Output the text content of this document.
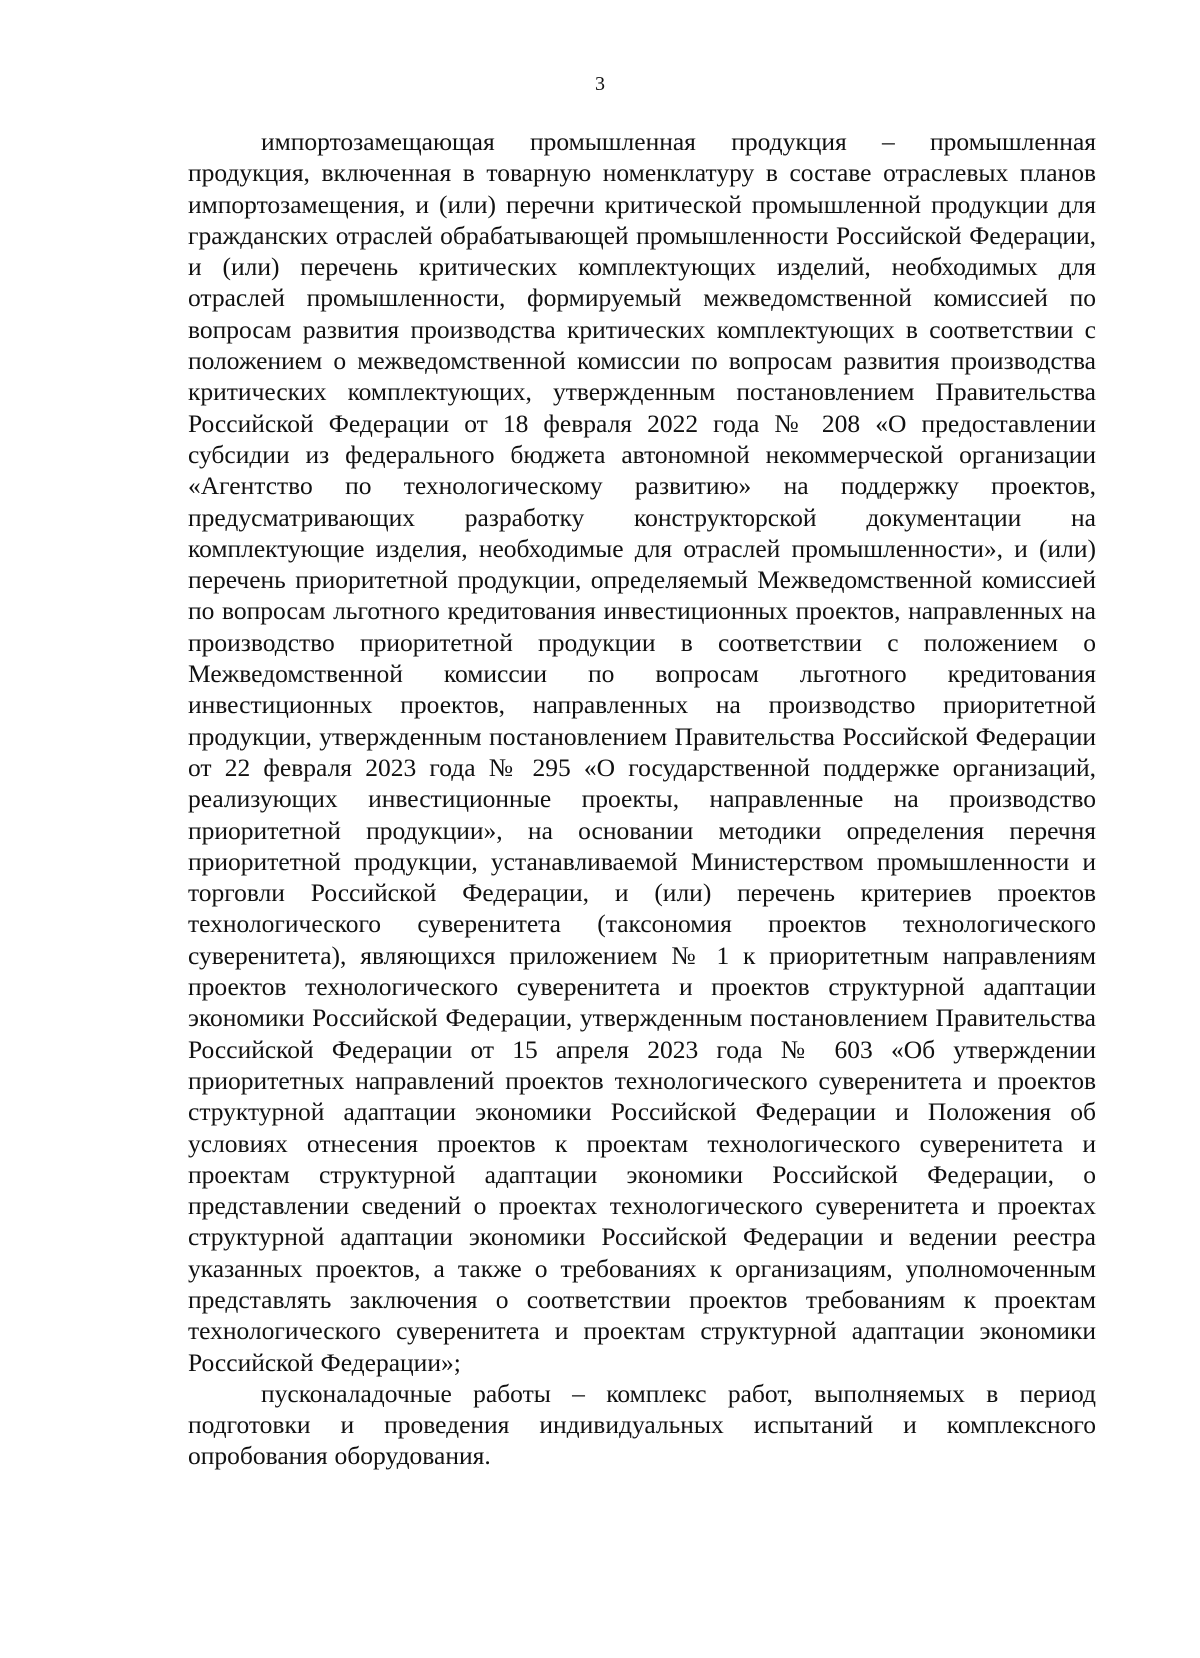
3

импортозамещающая промышленная продукция – промышленная продукция, включенная в товарную номенклатуру в составе отраслевых планов импортозамещения, и (или) перечни критической промышленной продукции для гражданских отраслей обрабатывающей промышленности Российской Федерации, и (или) перечень критических комплектующих изделий, необходимых для отраслей промышленности, формируемый межведомственной комиссией по вопросам развития производства критических комплектующих в соответствии с положением о межведомственной комиссии по вопросам развития производства критических комплектующих, утвержденным постановлением Правительства Российской Федерации от 18 февраля 2022 года № 208 «О предоставлении субсидии из федерального бюджета автономной некоммерческой организации «Агентство по технологическому развитию» на поддержку проектов, предусматривающих разработку конструкторской документации на комплектующие изделия, необходимые для отраслей промышленности», и (или) перечень приоритетной продукции, определяемый Межведомственной комиссией по вопросам льготного кредитования инвестиционных проектов, направленных на производство приоритетной продукции в соответствии с положением о Межведомственной комиссии по вопросам льготного кредитования инвестиционных проектов, направленных на производство приоритетной продукции, утвержденным постановлением Правительства Российской Федерации от 22 февраля 2023 года № 295 «О государственной поддержке организаций, реализующих инвестиционные проекты, направленные на производство приоритетной продукции», на основании методики определения перечня приоритетной продукции, устанавливаемой Министерством промышленности и торговли Российской Федерации, и (или) перечень критериев проектов технологического суверенитета (таксономия проектов технологического суверенитета), являющихся приложением № 1 к приоритетным направлениям проектов технологического суверенитета и проектов структурной адаптации экономики Российской Федерации, утвержденным постановлением Правительства Российской Федерации от 15 апреля 2023 года № 603 «Об утверждении приоритетных направлений проектов технологического суверенитета и проектов структурной адаптации экономики Российской Федерации и Положения об условиях отнесения проектов к проектам технологического суверенитета и проектам структурной адаптации экономики Российской Федерации, о представлении сведений о проектах технологического суверенитета и проектах структурной адаптации экономики Российской Федерации и ведении реестра указанных проектов, а также о требованиях к организациям, уполномоченным представлять заключения о соответствии проектов требованиям к проектам технологического суверенитета и проектам структурной адаптации экономики Российской Федерации»;

пусконаладочные работы – комплекс работ, выполняемых в период подготовки и проведения индивидуальных испытаний и комплексного опробования оборудования.
